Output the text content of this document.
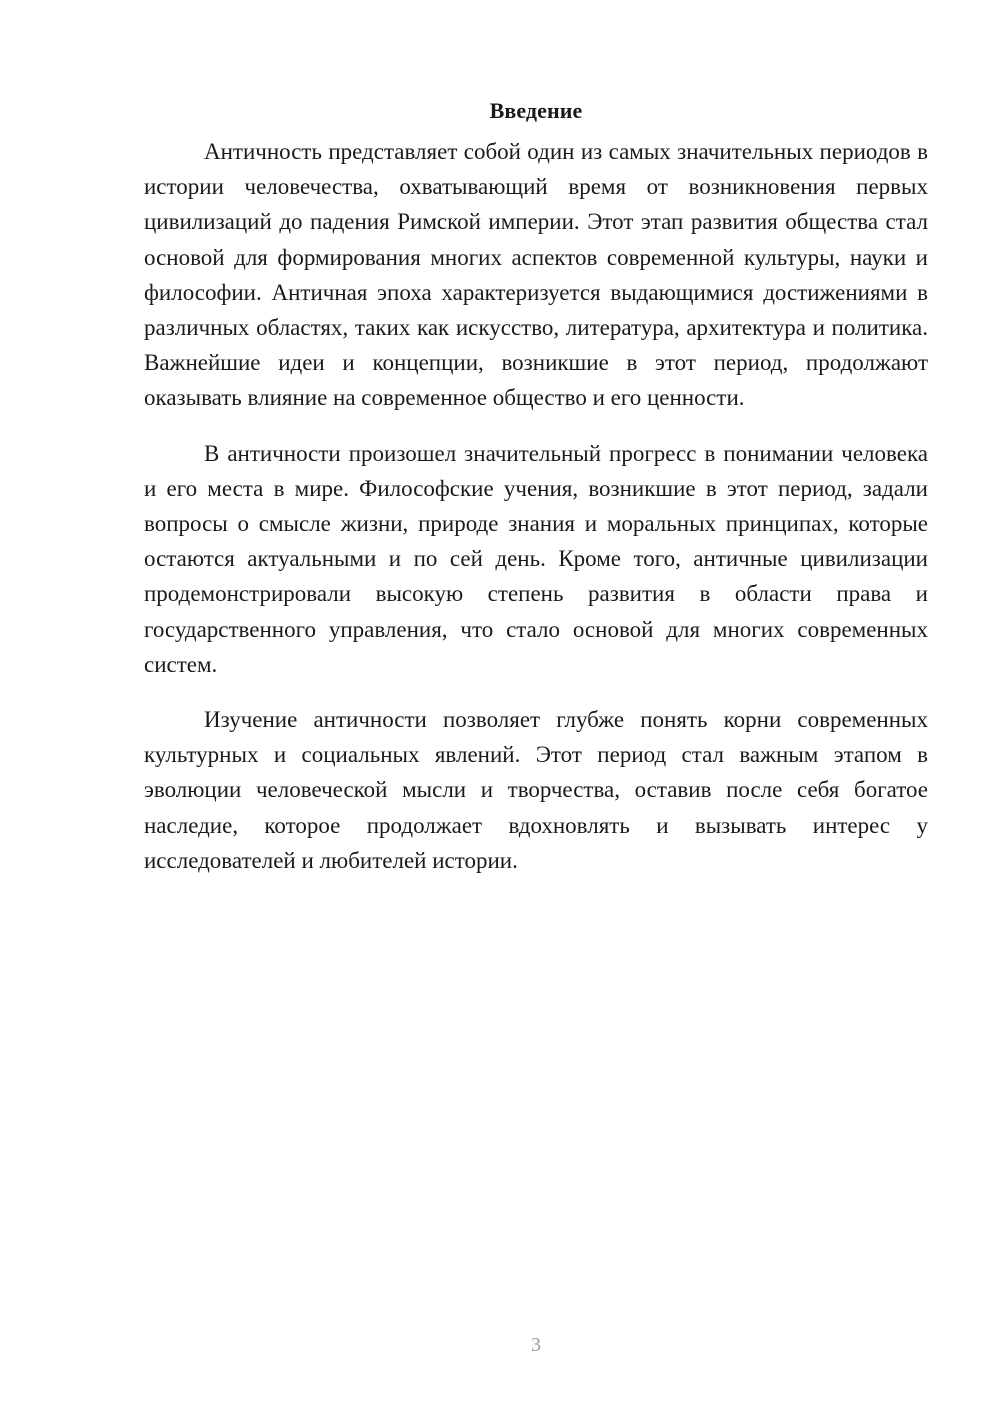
Введение

Античность представляет собой один из самых значительных периодов в истории человечества, охватывающий время от возникновения первых цивилизаций до падения Римской империи. Этот этап развития общества стал основой для формирования многих аспектов современной культуры, науки и философии. Античная эпоха характеризуется выдающимися достижениями в различных областях, таких как искусство, литература, архитектура и политика. Важнейшие идеи и концепции, возникшие в этот период, продолжают оказывать влияние на современное общество и его ценности.

В античности произошел значительный прогресс в понимании человека и его места в мире. Философские учения, возникшие в этот период, задали вопросы о смысле жизни, природе знания и моральных принципах, которые остаются актуальными и по сей день. Кроме того, античные цивилизации продемонстрировали высокую степень развития в области права и государственного управления, что стало основой для многих современных систем.

Изучение античности позволяет глубже понять корни современных культурных и социальных явлений. Этот период стал важным этапом в эволюции человеческой мысли и творчества, оставив после себя богатое наследие, которое продолжает вдохновлять и вызывать интерес у исследователей и любителей истории.

3
